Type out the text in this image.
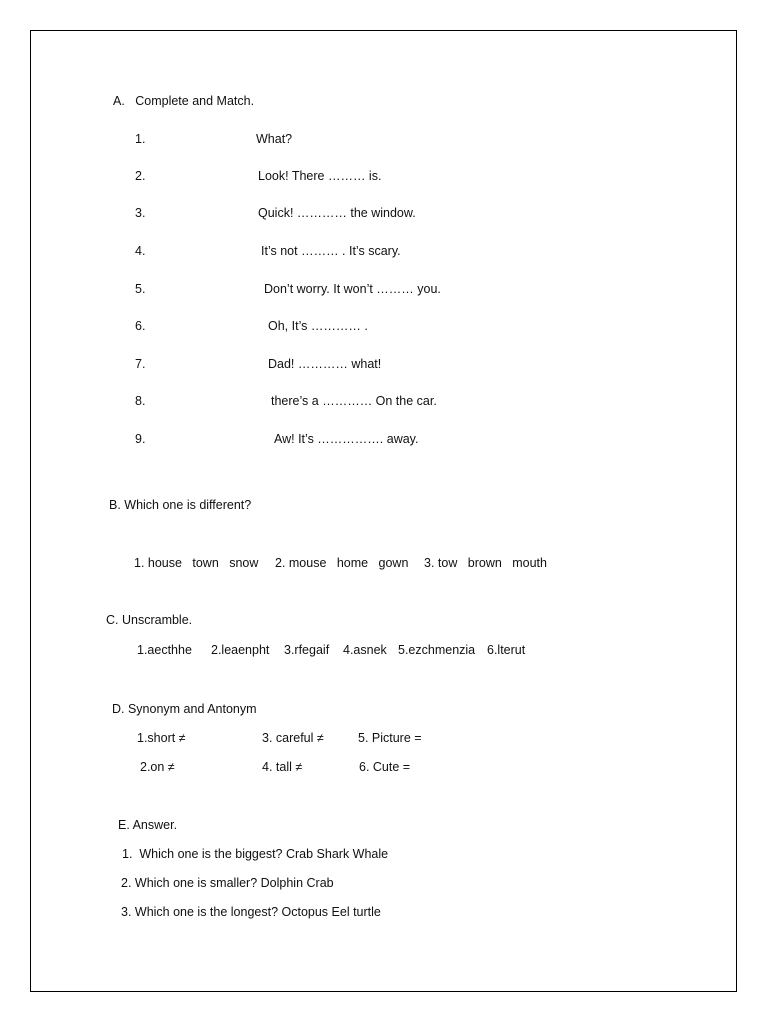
A.   Complete and Match.
1.	What?
2.	Look! There ……… is.
3.	Quick! ………… the window.
4.	It’s not ……… . It’s scary.
5.	Don’t worry. It won’t ……… you.
6.	Oh, It’s ………… .
7.	Dad! ………… what!
8.	there’s a ………… On the car.
9.	Aw! It’s ……………. away.
B. Which one is different?
1. house   town   snow 2. mouse   home   gown 3. tow   brown   mouth
C. Unscramble.
1.aecthhe 2.leaenpht 3.rfegaif 4.asnek 5.ezchmenzia 6.lterut
D. Synonym and Antonym
1.short ≠	3. careful ≠	5. Picture =
2.on ≠	4. tall ≠	6. Cute =
E. Answer.
1.  Which one is the biggest? Crab Shark Whale
2. Which one is smaller? Dolphin Crab
3. Which one is the longest? Octopus Eel turtle
